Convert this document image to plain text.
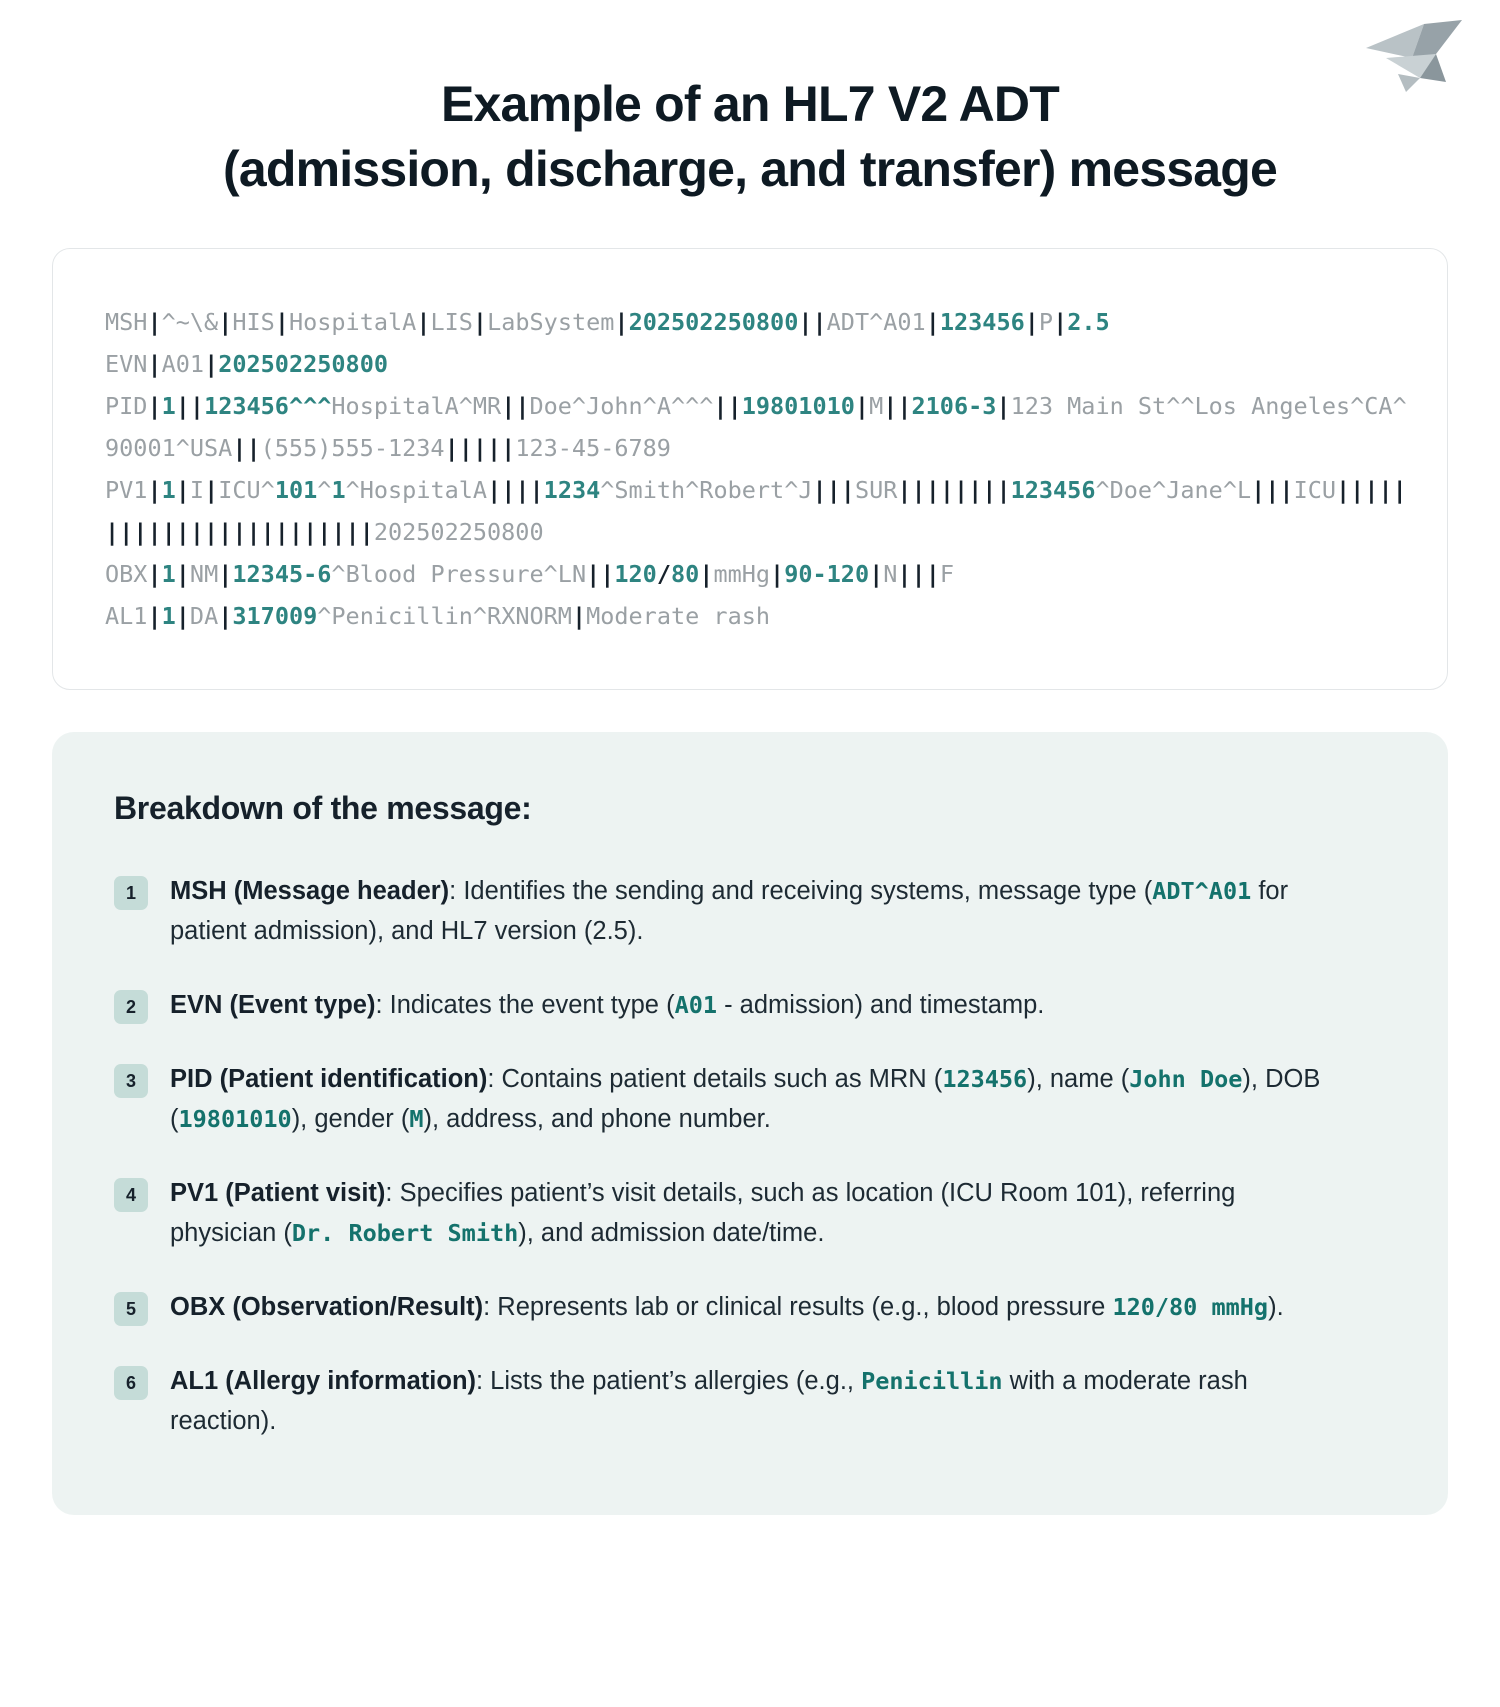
Example of an HL7 V2 ADT
(admission, discharge, and transfer) message
MSH|^~\&|HIS|HospitalA|LIS|LabSystem|202502250800||ADT^A01|123456|P|2.5
EVN|A01|202502250800
PID|1||123456^^^HospitalA^MR||Doe^John^A^^^||19801010|M||2106-3|123 Main St^^Los Angeles^CA^90001^USA||(555)555-1234|||||123-45-6789
PV1|1|I|ICU^101^1^HospitalA||||1234^Smith^Robert^J|||SUR||||||||123456^Doe^Jane^L|||ICU||||||||||||||||||||||||202502250800
OBX|1|NM|12345-6^Blood Pressure^LN||120/80|mmHg|90-120|N|||F
AL1|1|DA|317009^Penicillin^RXNORM|Moderate rash
Breakdown of the message:
1	MSH (Message header): Identifies the sending and receiving systems, message type (ADT^A01 for patient admission), and HL7 version (2.5).
2	EVN (Event type): Indicates the event type (A01 - admission) and timestamp.
3	PID (Patient identification): Contains patient details such as MRN (123456), name (John Doe), DOB (19801010), gender (M), address, and phone number.
4	PV1 (Patient visit): Specifies patient’s visit details, such as location (ICU Room 101), referring physician (Dr. Robert Smith), and admission date/time.
5	OBX (Observation/Result): Represents lab or clinical results (e.g., blood pressure 120/80 mmHg).
6	AL1 (Allergy information): Lists the patient’s allergies (e.g., Penicillin with a moderate rash reaction).
